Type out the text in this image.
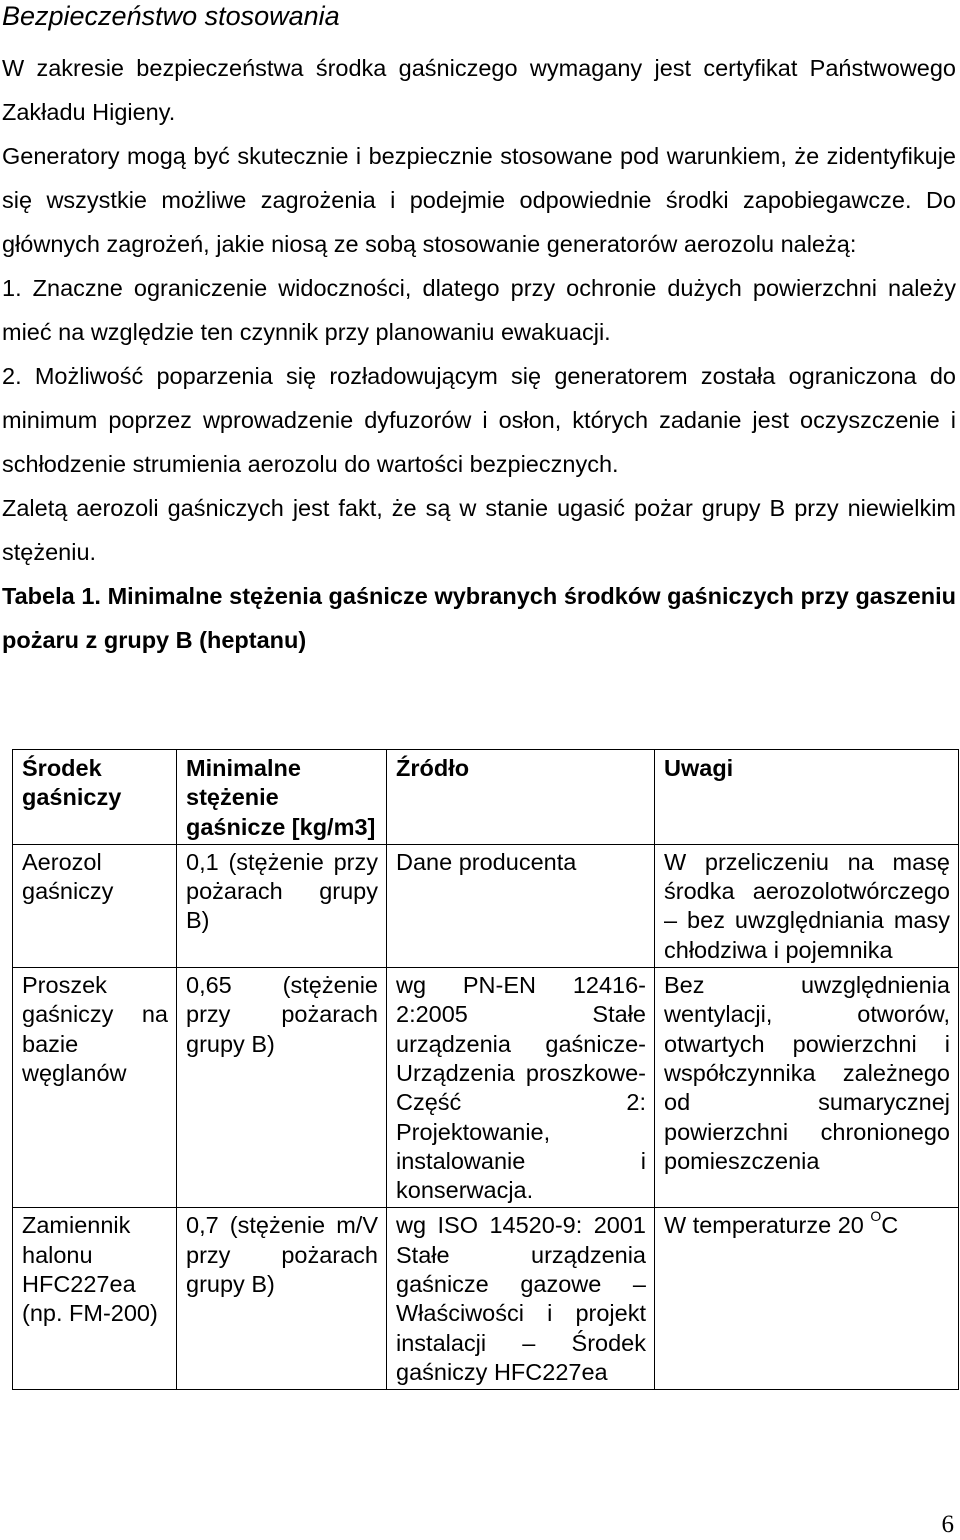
Bezpieczeństwo stosowania

W zakresie bezpieczeństwa środka gaśniczego wymagany jest certyfikat Państwowego Zakładu Higieny.

Generatory mogą być skutecznie i bezpiecznie stosowane pod warunkiem, że zidentyfikuje się wszystkie możliwe zagrożenia i podejmie odpowiednie środki zapobiegawcze. Do głównych zagrożeń, jakie niosą ze sobą stosowanie generatorów aerozolu należą:

1. Znaczne ograniczenie widoczności, dlatego przy ochronie dużych powierzchni należy mieć na względzie ten czynnik przy planowaniu ewakuacji.

2. Możliwość poparzenia się rozładowującym się generatorem została ograniczona do minimum poprzez wprowadzenie dyfuzorów i osłon, których zadanie jest oczyszczenie i schłodzenie strumienia aerozolu do wartości bezpiecznych.

Zaletą aerozoli gaśniczych jest fakt, że są w stanie ugasić pożar grupy B przy niewielkim stężeniu.

Tabela 1. Minimalne stężenia gaśnicze wybranych środków gaśniczych przy gaszeniu pożaru z grupy B (heptanu)

Środek gaśniczy	Minimalne stężenie gaśnicze [kg/m3]	Źródło	Uwagi
Aerozol gaśniczy	0,1 (stężenie przy pożarach grupy B)	Dane producenta	W przeliczeniu na masę środka aerozolotwórczego – bez uwzględniania masy chłodziwa i pojemnika
Proszek gaśniczy na bazie węglanów	0,65 (stężenie przy pożarach grupy B)	wg PN-EN 12416-2:2005 Stałe urządzenia gaśnicze-Urządzenia proszkowe-Część 2: Projektowanie, instalowanie i konserwacja.	Bez uwzględnienia wentylacji, otworów, otwartych powierzchni i współczynnika zależnego od sumarycznej powierzchni chronionego pomieszczenia
Zamiennik halonu HFC227ea (np. FM-200)	0,7 (stężenie m/V przy pożarach grupy B)	wg ISO 14520-9: 2001 Stałe urządzenia gaśnicze gazowe – Właściwości i projekt instalacji – Środek gaśniczy HFC227ea	W temperaturze 20 $^O$C
6
